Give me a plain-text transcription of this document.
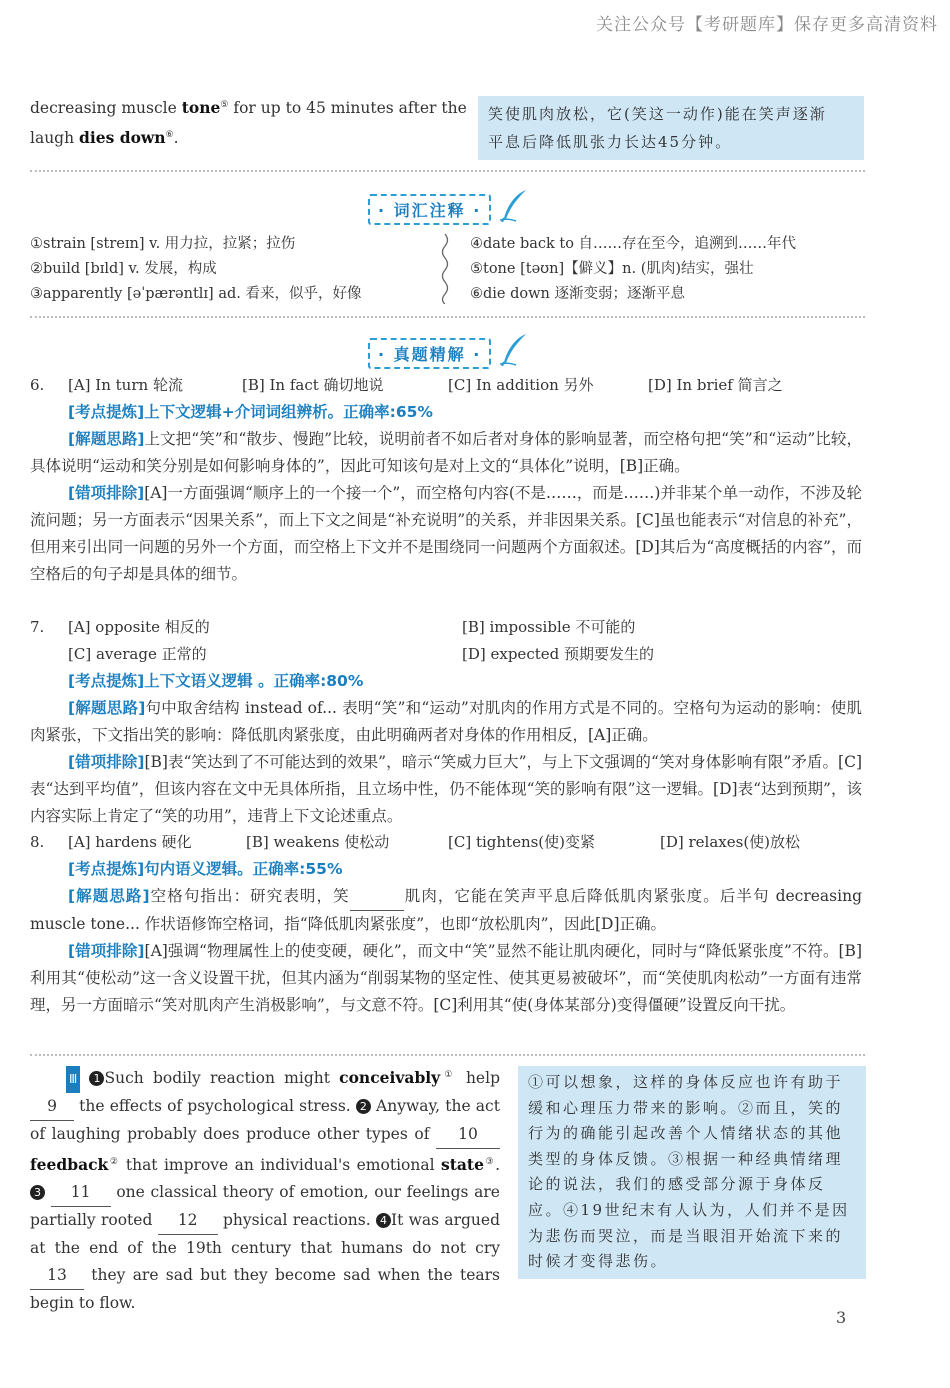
关注公众号【考研题库】保存更多高清资料
decreasing muscle tone⑤ for up to 45 minutes after the
laugh dies down⑥.
笑使肌肉放松，它(笑这一动作)能在笑声逐渐
平息后降低肌张力长达45分钟。
· 词汇注释 ·
①strain [streɪn] v. 用力拉，拉紧；拉伤
②build [bɪld] v. 发展，构成
③apparently [əˈpærəntlɪ] ad. 看来，似乎，好像
④date back to 自……存在至今，追溯到……年代
⑤tone [təʊn]【僻义】n. (肌肉)结实，强壮
⑥die down 逐渐变弱；逐渐平息
· 真题精解 ·
6. [A] In turn 轮流	[B] In fact 确切地说	[C] In addition 另外	[D] In brief 简言之
[考点提炼]上下文逻辑+介词词组辨析。正确率:65%
[解题思路]上文把“笑”和“散步、慢跑”比较，说明前者不如后者对身体的影响显著，而空格句把“笑”和“运动”比较，具体说明“运动和笑分别是如何影响身体的”，因此可知该句是对上文的“具体化”说明，[B]正确。
[错项排除][A]一方面强调“顺序上的一个接一个”，而空格句内容(不是……，而是……)并非某个单一动作，不涉及轮流问题；另一方面表示“因果关系”，而上下文之间是“补充说明”的关系，并非因果关系。[C]虽也能表示“对信息的补充”，但用来引出同一问题的另外一个方面，而空格上下文并不是围绕同一问题两个方面叙述。[D]其后为“高度概括的内容”，而空格后的句子却是具体的细节。
7. [A] opposite 相反的	[B] impossible 不可能的
[C] average 正常的	[D] expected 预期要发生的
[考点提炼]上下文语义逻辑 。正确率:80%
[解题思路]句中取舍结构 instead of... 表明“笑”和“运动”对肌肉的作用方式是不同的。空格句为运动的影响：使肌肉紧张，下文指出笑的影响：降低肌肉紧张度，由此明确两者对身体的作用相反，[A]正确。
[错项排除][B]表“笑达到了不可能达到的效果”，暗示“笑威力巨大”，与上下文强调的“笑对身体影响有限”矛盾。[C]表“达到平均值”，但该内容在文中无具体所指，且立场中性，仍不能体现“笑的影响有限”这一逻辑。[D]表“达到预期”，该内容实际上肯定了“笑的功用”，违背上下文论述重点。
8. [A] hardens 硬化	[B] weakens 使松动	[C] tightens(使)变紧	[D] relaxes(使)放松
[考点提炼]句内语义逻辑。正确率:55%
[解题思路]空格句指出：研究表明，笑	肌肉，它能在笑声平息后降低肌肉紧张度。后半句 decreasing muscle tone... 作状语修饰空格词，指“降低肌肉紧张度”，也即“放松肌肉”，因此[D]正确。
[错项排除][A]强调“物理属性上的使变硬，硬化”，而文中“笑”显然不能让肌肉硬化，同时与“降低紧张度”不符。[B]利用其“使松动”这一含义设置干扰，但其内涵为“削弱某物的坚定性、使其更易被破坏”，而“笑使肌肉松动”一方面有违常理，另一方面暗示“笑对肌肉产生消极影响”，与文意不符。[C]利用其“使(身体某部分)变得僵硬”设置反向干扰。
Ⅲ 1 Such bodily reaction might conceivably① help 9 the effects of psychological stress. 2 Anyway, the act of laughing probably does produce other types of 10 feedback② that improve an individual's emotional state③. 3 11 one classical theory of emotion, our feelings are partially rooted 12 physical reactions. 4 It was argued at the end of the 19th century that humans do not cry 13 they are sad but they become sad when the tears begin to flow.
①可以想象，这样的身体反应也许有助于缓和心理压力带来的影响。②而且，笑的行为的确能引起改善个人情绪状态的其他类型的身体反馈。③根据一种经典情绪理论的说法，我们的感受部分源于身体反应。④19世纪末有人认为，人们并不是因为悲伤而哭泣，而是当眼泪开始流下来的时候才变得悲伤。
3
